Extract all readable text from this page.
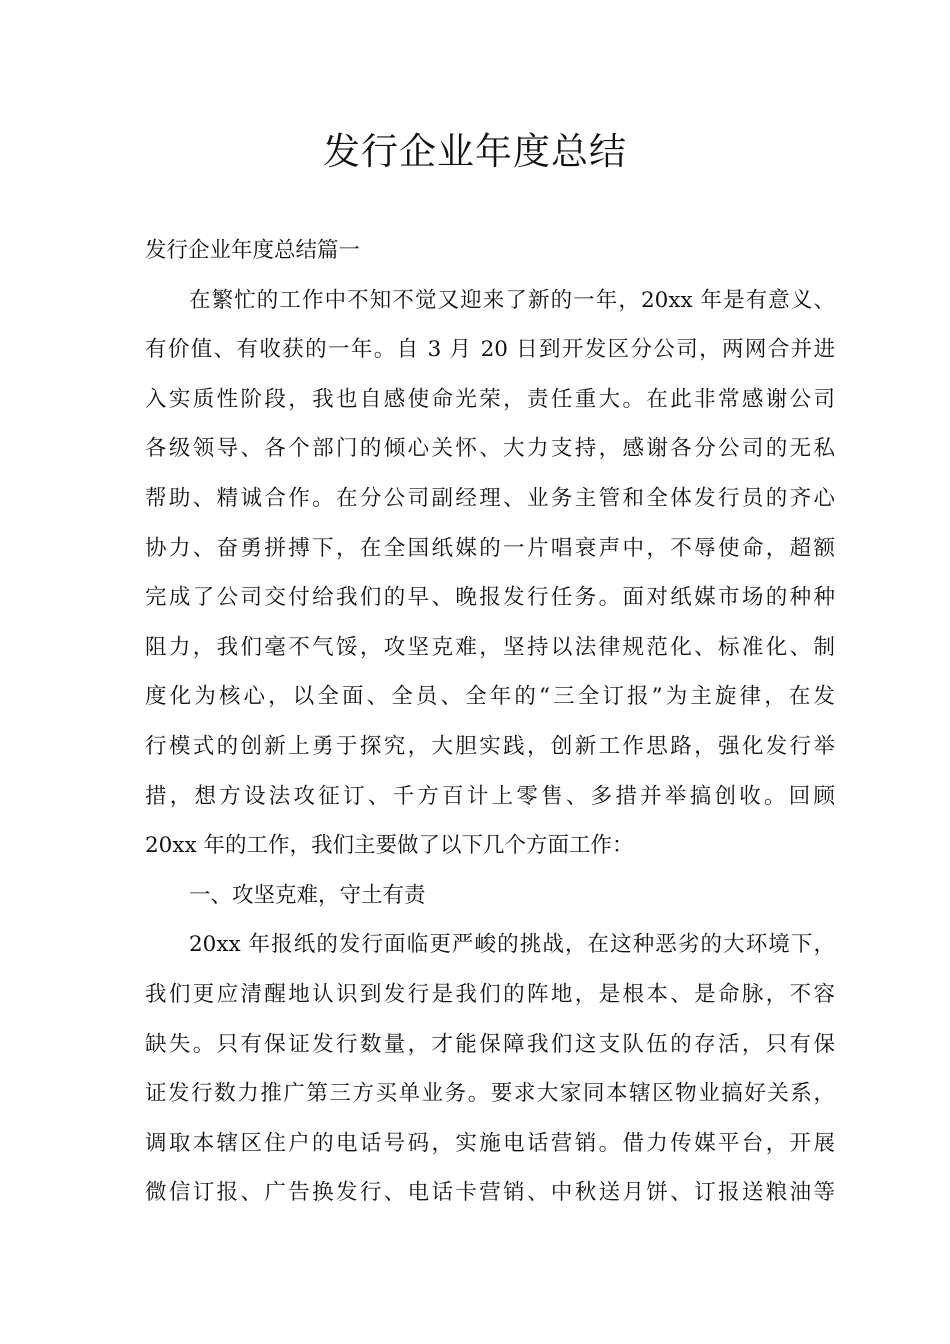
发行企业年度总结
发行企业年度总结篇一
在繁忙的工作中不知不觉又迎来了新的一年，20xx 年是有意义、
有价值、有收获的一年。自 3 月 20 日到开发区分公司，两网合并进
入实质性阶段，我也自感使命光荣，责任重大。在此非常感谢公司
各级领导、各个部门的倾心关怀、大力支持，感谢各分公司的无私
帮助、精诚合作。在分公司副经理、业务主管和全体发行员的齐心
协力、奋勇拼搏下，在全国纸媒的一片唱衰声中，不辱使命，超额
完成了公司交付给我们的早、晚报发行任务。面对纸媒市场的种种
阻力，我们毫不气馁，攻坚克难，坚持以法律规范化、标准化、制
度化为核心，以全面、全员、全年的“三全订报”为主旋律，在发
行模式的创新上勇于探究，大胆实践，创新工作思路，强化发行举
措，想方设法攻征订、千方百计上零售、多措并举搞创收。回顾
20xx 年的工作，我们主要做了以下几个方面工作：
一、攻坚克难，守土有责
20xx 年报纸的发行面临更严峻的挑战，在这种恶劣的大环境下，
我们更应清醒地认识到发行是我们的阵地，是根本、是命脉，不容
缺失。只有保证发行数量，才能保障我们这支队伍的存活，只有保
证发行数力推广第三方买单业务。要求大家同本辖区物业搞好关系，
调取本辖区住户的电话号码，实施电话营销。借力传媒平台，开展
微信订报、广告换发行、电话卡营销、中秋送月饼、订报送粮油等
